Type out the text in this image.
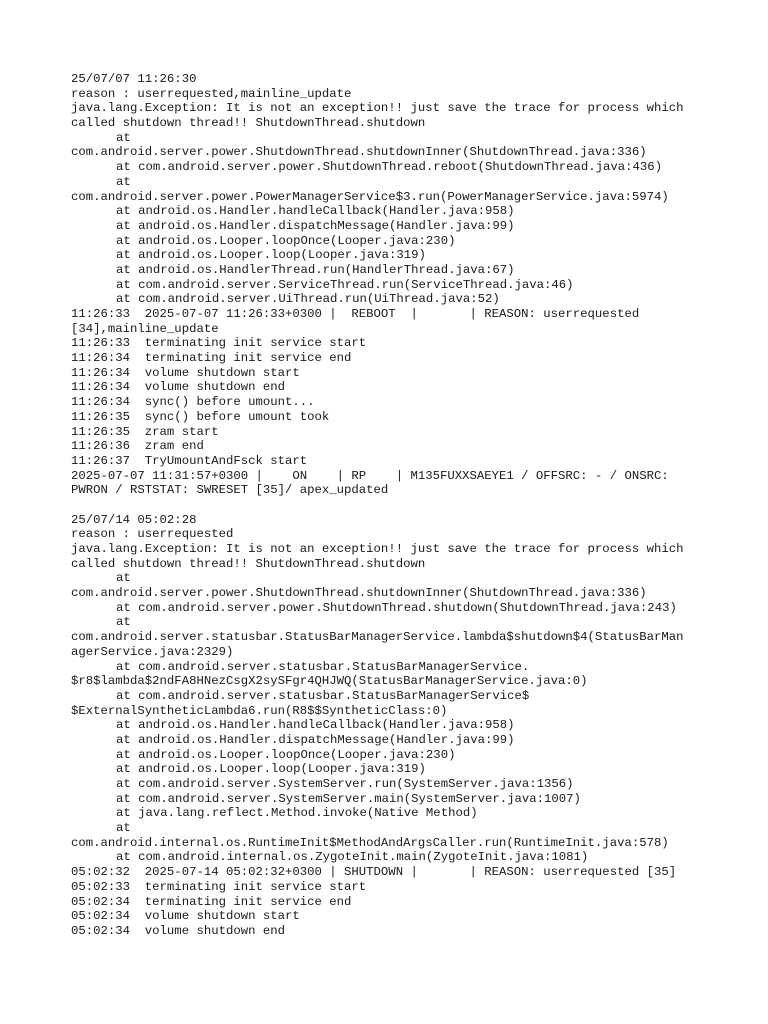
25/07/07 11:26:30
reason : userrequested,mainline_update
java.lang.Exception: It is not an exception!! just save the trace for process which
called shutdown thread!! ShutdownThread.shutdown
at
com.android.server.power.ShutdownThread.shutdownInner(ShutdownThread.java:336)
at com.android.server.power.ShutdownThread.reboot(ShutdownThread.java:436)
at
com.android.server.power.PowerManagerService$3.run(PowerManagerService.java:5974)
at android.os.Handler.handleCallback(Handler.java:958)
at android.os.Handler.dispatchMessage(Handler.java:99)
at android.os.Looper.loopOnce(Looper.java:230)
at android.os.Looper.loop(Looper.java:319)
at android.os.HandlerThread.run(HandlerThread.java:67)
at com.android.server.ServiceThread.run(ServiceThread.java:46)
at com.android.server.UiThread.run(UiThread.java:52)
11:26:33  2025-07-07 11:26:33+0300 |  REBOOT  |       | REASON: userrequested
[34],mainline_update
11:26:33  terminating init service start
11:26:34  terminating init service end
11:26:34  volume shutdown start
11:26:34  volume shutdown end
11:26:34  sync() before umount...
11:26:35  sync() before umount took
11:26:35  zram start
11:26:36  zram end
11:26:37  TryUmountAndFsck start
2025-07-07 11:31:57+0300 |    ON    | RP    | M135FUXXSAEYE1 / OFFSRC: - / ONSRC:
PWRON / RSTSTAT: SWRESET [35]/ apex_updated
25/07/14 05:02:28
reason : userrequested
java.lang.Exception: It is not an exception!! just save the trace for process which
called shutdown thread!! ShutdownThread.shutdown
at
com.android.server.power.ShutdownThread.shutdownInner(ShutdownThread.java:336)
at com.android.server.power.ShutdownThread.shutdown(ShutdownThread.java:243)
at
com.android.server.statusbar.StatusBarManagerService.lambda$shutdown$4(StatusBarMan
agerService.java:2329)
at com.android.server.statusbar.StatusBarManagerService.
$r8$lambda$2ndFA8HNezCsgX2sySFgr4QHJWQ(StatusBarManagerService.java:0)
at com.android.server.statusbar.StatusBarManagerService$
$ExternalSyntheticLambda6.run(R8$$SyntheticClass:0)
at android.os.Handler.handleCallback(Handler.java:958)
at android.os.Handler.dispatchMessage(Handler.java:99)
at android.os.Looper.loopOnce(Looper.java:230)
at android.os.Looper.loop(Looper.java:319)
at com.android.server.SystemServer.run(SystemServer.java:1356)
at com.android.server.SystemServer.main(SystemServer.java:1007)
at java.lang.reflect.Method.invoke(Native Method)
at
com.android.internal.os.RuntimeInit$MethodAndArgsCaller.run(RuntimeInit.java:578)
at com.android.internal.os.ZygoteInit.main(ZygoteInit.java:1081)
05:02:32  2025-07-14 05:02:32+0300 | SHUTDOWN |       | REASON: userrequested [35]
05:02:33  terminating init service start
05:02:34  terminating init service end
05:02:34  volume shutdown start
05:02:34  volume shutdown end
